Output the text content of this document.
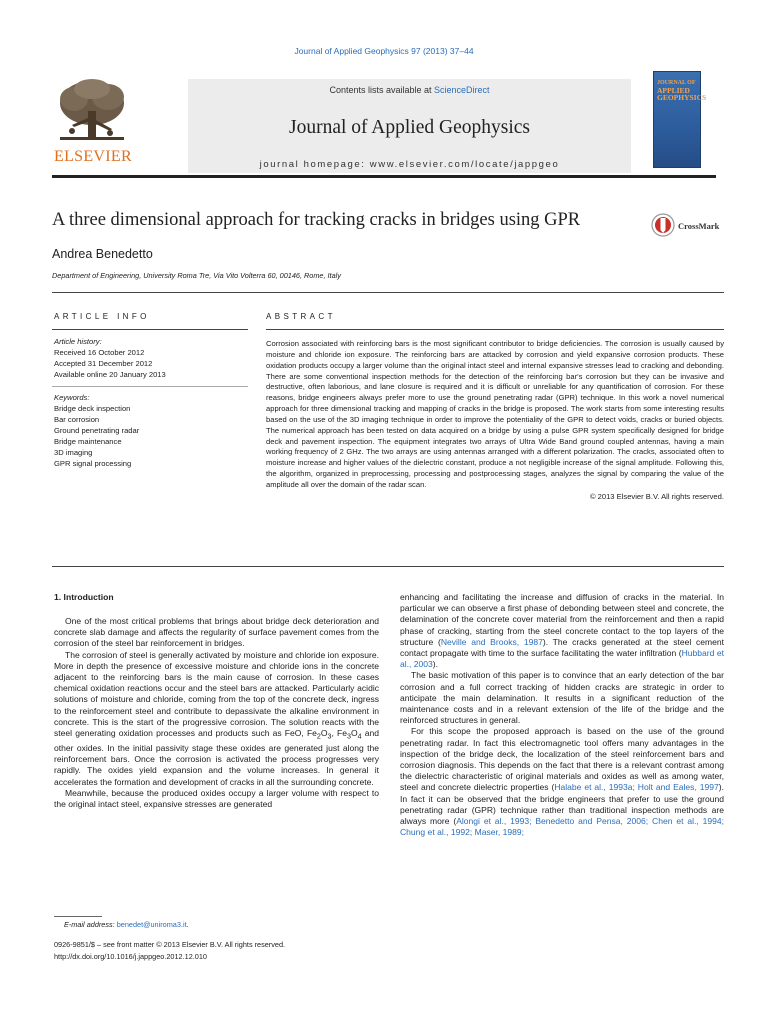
Journal of Applied Geophysics 97 (2013) 37–44
ELSEVIER
Contents lists available at ScienceDirect
Journal of Applied Geophysics
journal homepage: www.elsevier.com/locate/jappgeo
JOURNAL OF
APPLIED
GEOPHYSICS
A three dimensional approach for tracking cracks in bridges using GPR	CrossMark
Andrea Benedetto
Department of Engineering, University Roma Tre, Via Vito Volterra 60, 00146, Rome, Italy
ARTICLE INFO
Article history:
Received 16 October 2012
Accepted 31 December 2012
Available online 20 January 2013
Keywords:
Bridge deck inspection
Bar corrosion
Ground penetrating radar
Bridge maintenance
3D imaging
GPR signal processing
ABSTRACT
Corrosion associated with reinforcing bars is the most significant contributor to bridge deficiencies. The corrosion is usually caused by moisture and chloride ion exposure. The reinforcing bars are attacked by corrosion and yield expansive corrosion products. These oxidation products occupy a larger volume than the original intact steel and internal expansive stresses lead to cracking and debonding. There are some conventional inspection methods for the detection of the reinforcing bar's corrosion but they can be invasive and destructive, often laborious, and lane closure is required and it is difficult or unreliable for any quantification of corrosion. For these reasons, bridge engineers always prefer more to use the ground penetrating radar (GPR) technique. In this work a novel numerical approach for three dimensional tracking and mapping of cracks in the bridge is proposed. The work starts from some interesting results based on the use of the 3D imaging technique in order to improve the potentiality of the GPR to detect voids, cracks or buried objects. The numerical approach has been tested on data acquired on a bridge by using a pulse GPR system specifically designed for bridge deck and pavement inspection. The equipment integrates two arrays of Ultra Wide Band ground coupled antennas, having a main working frequency of 2 GHz. The two arrays are using antennas arranged with a different polarization. The cracks, associated often to moisture increase and higher values of the dielectric constant, produce a not negligible increase of the signal amplitude. Following this, the algorithm, organized in preprocessing, processing and postprocessing stages, analyzes the signal by comparing the value of the amplitude all over the domain of the radar scan.
© 2013 Elsevier B.V. All rights reserved.
1. Introduction

One of the most critical problems that brings about bridge deck deterioration and concrete slab damage and affects the regularity of surface pavement comes from the corrosion of the steel bar reinforcement in bridges.

The corrosion of steel is generally activated by moisture and chloride ion exposure. More in depth the presence of excessive moisture and chloride ions in the concrete adjacent to the reinforcing bars is the main cause of corrosion. In these cases chemical oxidation reactions occur and the steel bars are attacked. Particularly acidic solutions of moisture and chloride, coming from the top of the concrete deck, ingress to the reinforcement steel and contribute to depassivate the alkaline environment in concrete. This is the start of the progressive corrosion. The solution reacts with the steel generating oxidation processes and products such as FeO, $Fe_2O_3$, $Fe_3O_4$ and other oxides. In the initial passivity stage these oxides are generated just along the reinforcement bars. Once the corrosion is activated the process progresses very rapidly. The oxides yield expansion and the volume increases. In general it accelerates the formation and development of cracks in all the surrounding concrete.

Meanwhile, because the produced oxides occupy a larger volume with respect to the original intact steel, expansive stresses are generated

enhancing and facilitating the increase and diffusion of cracks in the material. In particular we can observe a first phase of debonding between steel and concrete, the delamination of the concrete cover material from the reinforcement and then a rapid phase of cracking, starting from the steel concrete contact to the top layers of the structure (Neville and Brooks, 1987). The cracks generated at the steel cement contact propagate with time to the surface facilitating the water infiltration (Hubbard et al., 2003).

The basic motivation of this paper is to convince that an early detection of the bar corrosion and a full correct tracking of hidden cracks are strategic in order to anticipate the main delamination. It results in a significant reduction of the maintenance costs and in a relevant extension of the life of the bridge and the reinforced structures in general.

For this scope the proposed approach is based on the use of the ground penetrating radar. In fact this electromagnetic tool offers many advantages in the inspection of the bridge deck, the localization of the steel reinforcement bars and corrosion diagnosis. This depends on the fact that there is a relevant contrast among the dielectric characteristic of original materials and oxides as well as among water, steel and concrete dielectric properties (Halabe et al., 1993a; Holt and Eales, 1997). In fact it can be observed that the bridge engineers that prefer to use the ground penetrating radar (GPR) technique rather than traditional inspection methods are always more (Alongi et al., 1993; Benedetto and Pensa, 2006; Chen et al., 1994; Chung et al., 1992; Maser, 1989;

E-mail address: benedet@uniroma3.it.
0926-9851/$ – see front matter © 2013 Elsevier B.V. All rights reserved.
http://dx.doi.org/10.1016/j.jappgeo.2012.12.010
